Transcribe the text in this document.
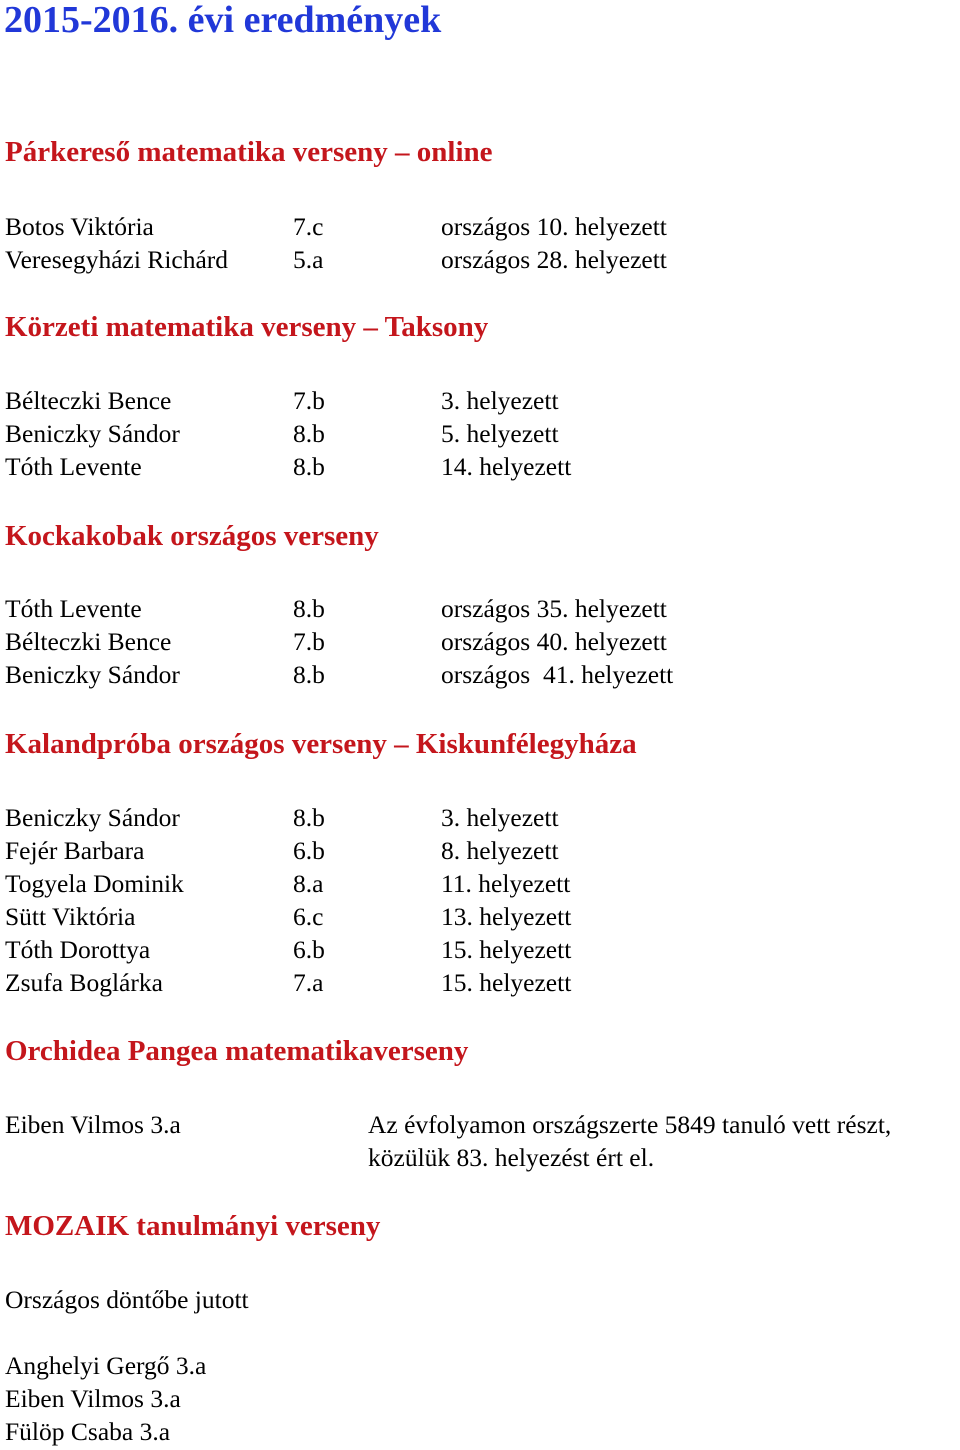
2015-2016. évi eredmények
Párkereső matematika verseny – online
Botos Viktória	7.c	országos 10. helyezett
Veresegyházi Richárd	5.a	országos 28. helyezett
Körzeti matematika verseny – Taksony
Bélteczki Bence	7.b	3. helyezett
Beniczky Sándor	8.b	5. helyezett
Tóth Levente	8.b	14. helyezett
Kockakobak országos verseny
Tóth Levente	8.b	országos 35. helyezett
Bélteczki Bence	7.b	országos 40. helyezett
Beniczky Sándor	8.b	országos  41. helyezett
Kalandpróba országos verseny – Kiskunfélegyháza
Beniczky Sándor	8.b	3. helyezett
Fejér Barbara	6.b	8. helyezett
Togyela Dominik	8.a	11. helyezett
Sütt Viktória	6.c	13. helyezett
Tóth Dorottya	6.b	15. helyezett
Zsufa Boglárka	7.a	15. helyezett
Orchidea Pangea matematikaverseny
Eiben Vilmos 3.a	Az évfolyamon országszerte 5849 tanuló vett részt,
közülük 83. helyezést ért el.
MOZAIK tanulmányi verseny
Országos döntőbe jutott
Anghelyi Gergő 3.a
Eiben Vilmos 3.a
Fülöp Csaba 3.a
